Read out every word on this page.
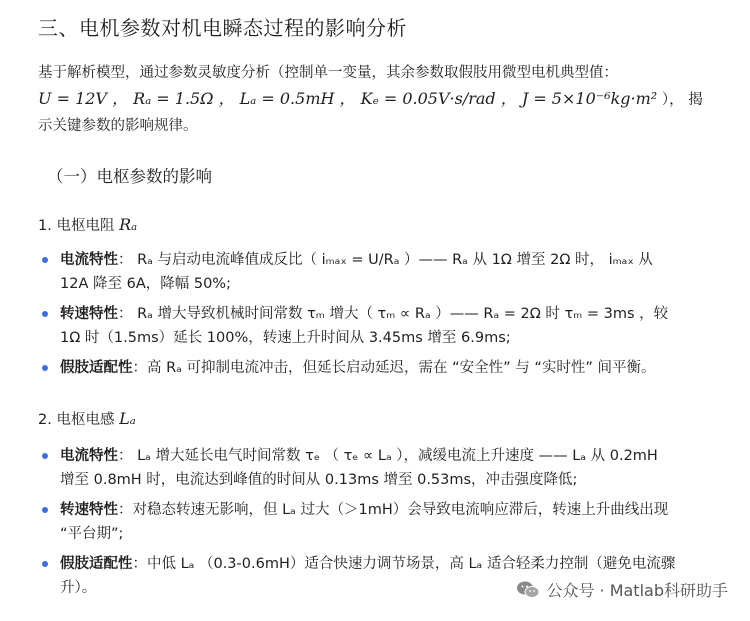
三、电机参数对机电瞬态过程的影响分析
基于解析模型，通过参数灵敏度分析（控制单一变量，其余参数取假肢用微型电机典型值：
U = 12V ， Rₐ = 1.5Ω ， Lₐ = 0.5mH ， Kₑ = 0.05V·s/rad ， J = 5×10⁻⁶kg·m² ）， 揭
示关键参数的影响规律。
（一）电枢参数的影响
1. 电枢电阻 Rₐ
电流特性： Rₐ 与启动电流峰值成反比（ iₘₐₓ = U/Rₐ ）—— Rₐ 从 1Ω 增至 2Ω 时， iₘₐₓ 从
12A 降至 6A，降幅 50%;
转速特性： Rₐ 增大导致机械时间常数 τₘ 增大（ τₘ ∝ Rₐ ）—— Rₐ = 2Ω 时 τₘ = 3ms ，较
1Ω 时（1.5ms）延长 100%，转速上升时间从 3.45ms 增至 6.9ms;
假肢适配性：高 Rₐ 可抑制电流冲击，但延长启动延迟，需在 “安全性” 与 “实时性” 间平衡。
2. 电枢电感 Lₐ
电流特性： Lₐ 增大延长电气时间常数 τₑ （ τₑ ∝ Lₐ ），减缓电流上升速度 —— Lₐ 从 0.2mH
增至 0.8mH 时，电流达到峰值的时间从 0.13ms 增至 0.53ms，冲击强度降低;
转速特性：对稳态转速无影响，但 Lₐ 过大（＞1mH）会导致电流响应滞后，转速上升曲线出现
“平台期”;
假肢适配性：中低 Lₐ （0.3-0.6mH）适合快速力调节场景，高 Lₐ 适合轻柔力控制（避免电流骤
升）。	公众号 · Matlab科研助手
